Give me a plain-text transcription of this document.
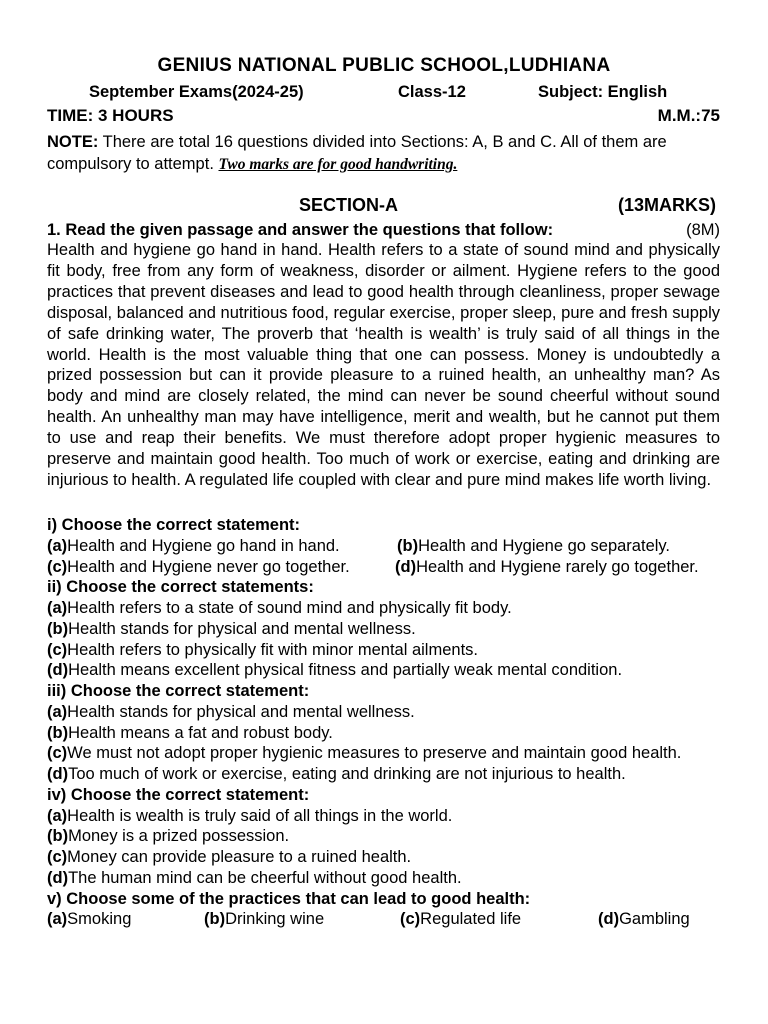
GENIUS NATIONAL PUBLIC SCHOOL,LUDHIANA
September Exams(2024-25)	Class-12	Subject: English
TIME: 3 HOURS	M.M.:75
NOTE: There are total 16 questions divided into Sections: A, B and C. All of them are compulsory to attempt. Two marks are for good handwriting.
SECTION-A	(13MARKS)
1. Read the given passage and answer the questions that follow:	(8M)
Health and hygiene go hand in hand. Health refers to a state of sound mind and physically fit body, free from any form of weakness, disorder or ailment. Hygiene refers to the good practices that prevent diseases and lead to good health through cleanliness, proper sewage disposal, balanced and nutritious food, regular exercise, proper sleep, pure and fresh supply of safe drinking water, The proverb that ‘health is wealth’ is truly said of all things in the world. Health is the most valuable thing that one can possess. Money is undoubtedly a prized possession but can it provide pleasure to a ruined health, an unhealthy man? As body and mind are closely related, the mind can never be sound cheerful without sound health. An unhealthy man may have intelligence, merit and wealth, but he cannot put them to use and reap their benefits. We must therefore adopt proper hygienic measures to preserve and maintain good health. Too much of work or exercise, eating and drinking are injurious to health. A regulated life coupled with clear and pure mind makes life worth living.
i) Choose the correct statement:
(a)Health and Hygiene go hand in hand.	(b)Health and Hygiene go separately.
(c)Health and Hygiene never go together.	(d)Health and Hygiene rarely go together.
ii) Choose the correct statements:
(a)Health refers to a state of sound mind and physically fit body.
(b)Health stands for physical and mental wellness.
(c)Health refers to physically fit with minor mental ailments.
(d)Health means excellent physical fitness and partially weak mental condition.
iii) Choose the correct statement:
(a)Health stands for physical and mental wellness.
(b)Health means a fat and robust body.
(c)We must not adopt proper hygienic measures to preserve and maintain good health.
(d)Too much of work or exercise, eating and drinking are not injurious to health.
iv) Choose the correct statement:
(a)Health is wealth is truly said of all things in the world.
(b)Money is a prized possession.
(c)Money can provide pleasure to a ruined health.
(d)The human mind can be cheerful without good health.
v) Choose some of the practices that can lead to good health:
(a)Smoking	(b)Drinking wine	(c)Regulated life	(d)Gambling
